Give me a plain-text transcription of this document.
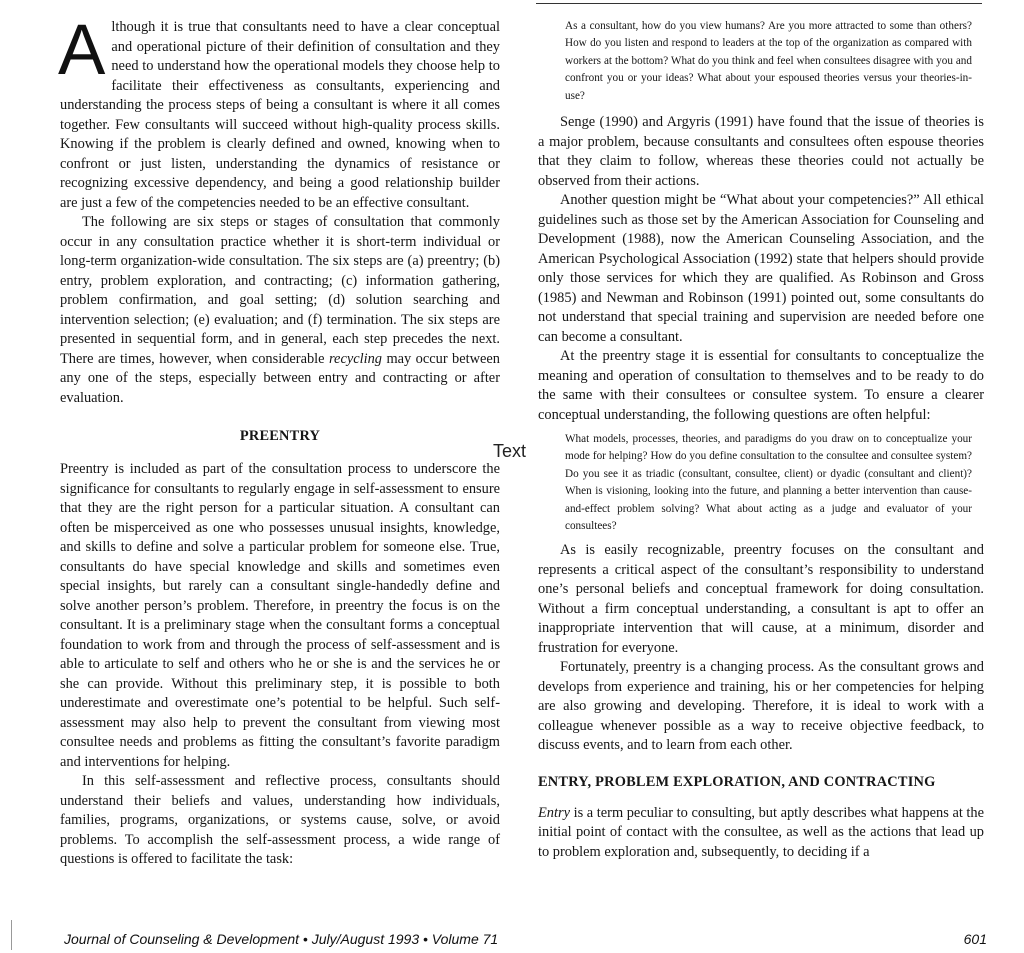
Although it is true that consultants need to have a clear conceptual and operational picture of their definition of consultation and they need to understand how the operational models they choose help to facilitate their effectiveness as consultants, experiencing and understanding the process steps of being a consultant is where it all comes together. Few consultants will succeed without high-quality process skills. Knowing if the problem is clearly defined and owned, knowing when to confront or just listen, understanding the dynamics of resistance or recognizing excessive dependency, and being a good relationship builder are just a few of the competencies needed to be an effective consultant.

The following are six steps or stages of consultation that commonly occur in any consultation practice whether it is short-term individual or long-term organization-wide consultation. The six steps are (a) preentry; (b) entry, problem exploration, and contracting; (c) information gathering, problem confirmation, and goal setting; (d) solution searching and intervention selection; (e) evaluation; and (f) termination. The six steps are presented in sequential form, and in general, each step precedes the next. There are times, however, when considerable recycling may occur between any one of the steps, especially between entry and contracting or after evaluation.

PREENTRY

Preentry is included as part of the consultation process to underscore the significance for consultants to regularly engage in self-assessment to ensure that they are the right person for a particular situation. A consultant can often be misperceived as one who possesses unusual insights, knowledge, and skills to define and solve a particular problem for someone else. True, consultants do have special knowledge and skills and sometimes even special insights, but rarely can a consultant single-handedly define and solve another person’s problem. Therefore, in preentry the focus is on the consultant. It is a preliminary stage when the consultant forms a conceptual foundation to work from and through the process of self-assessment and is able to articulate to self and others who he or she is and the services he or she can provide. Without this preliminary step, it is possible to both underestimate and overestimate one’s potential to be helpful. Such self-assessment may also help to prevent the consultant from viewing most consultee needs and problems as fitting the consultant’s favorite paradigm and interventions for helping.

In this self-assessment and reflective process, consultants should understand their beliefs and values, understanding how individuals, families, programs, organizations, or systems cause, solve, or avoid problems. To accomplish the self-assessment process, a wide range of questions is offered to facilitate the task:

Text

As a consultant, how do you view humans? Are you more attracted to some than others? How do you listen and respond to leaders at the top of the organization as compared with workers at the bottom? What do you think and feel when consultees disagree with you and confront you or your ideas? What about your espoused theories versus your theories-in-use?

Senge (1990) and Argyris (1991) have found that the issue of theories is a major problem, because consultants and consultees often espouse theories that they claim to follow, whereas these theories could not actually be observed from their actions.

Another question might be “What about your competencies?” All ethical guidelines such as those set by the American Association for Counseling and Development (1988), now the American Counseling Association, and the American Psychological Association (1992) state that helpers should provide only those services for which they are qualified. As Robinson and Gross (1985) and Newman and Robinson (1991) pointed out, some consultants do not understand that special training and supervision are needed before one can become a consultant.

At the preentry stage it is essential for consultants to conceptualize the meaning and operation of consultation to themselves and to be ready to do the same with their consultees or consultee system. To ensure a clearer conceptual understanding, the following questions are often helpful:

What models, processes, theories, and paradigms do you draw on to conceptualize your mode for helping? How do you define consultation to the consultee and consultee system? Do you see it as triadic (consultant, consultee, client) or dyadic (consultant and client)? When is visioning, looking into the future, and planning a better intervention than cause-and-effect problem solving? What about acting as a judge and evaluator of your consultees?

As is easily recognizable, preentry focuses on the consultant and represents a critical aspect of the consultant’s responsibility to understand one’s personal beliefs and conceptual framework for doing consultation. Without a firm conceptual understanding, a consultant is apt to offer an inappropriate intervention that will cause, at a minimum, disorder and frustration for everyone.

Fortunately, preentry is a changing process. As the consultant grows and develops from experience and training, his or her competencies for helping are also growing and developing. Therefore, it is ideal to work with a colleague whenever possible as a way to receive objective feedback, to discuss events, and to learn from each other.

ENTRY, PROBLEM EXPLORATION, AND CONTRACTING

Entry is a term peculiar to consulting, but aptly describes what happens at the initial point of contact with the consultee, as well as the actions that lead up to problem exploration and, subsequently, to deciding if a

Journal of Counseling & Development • July/August 1993 • Volume 71	601
